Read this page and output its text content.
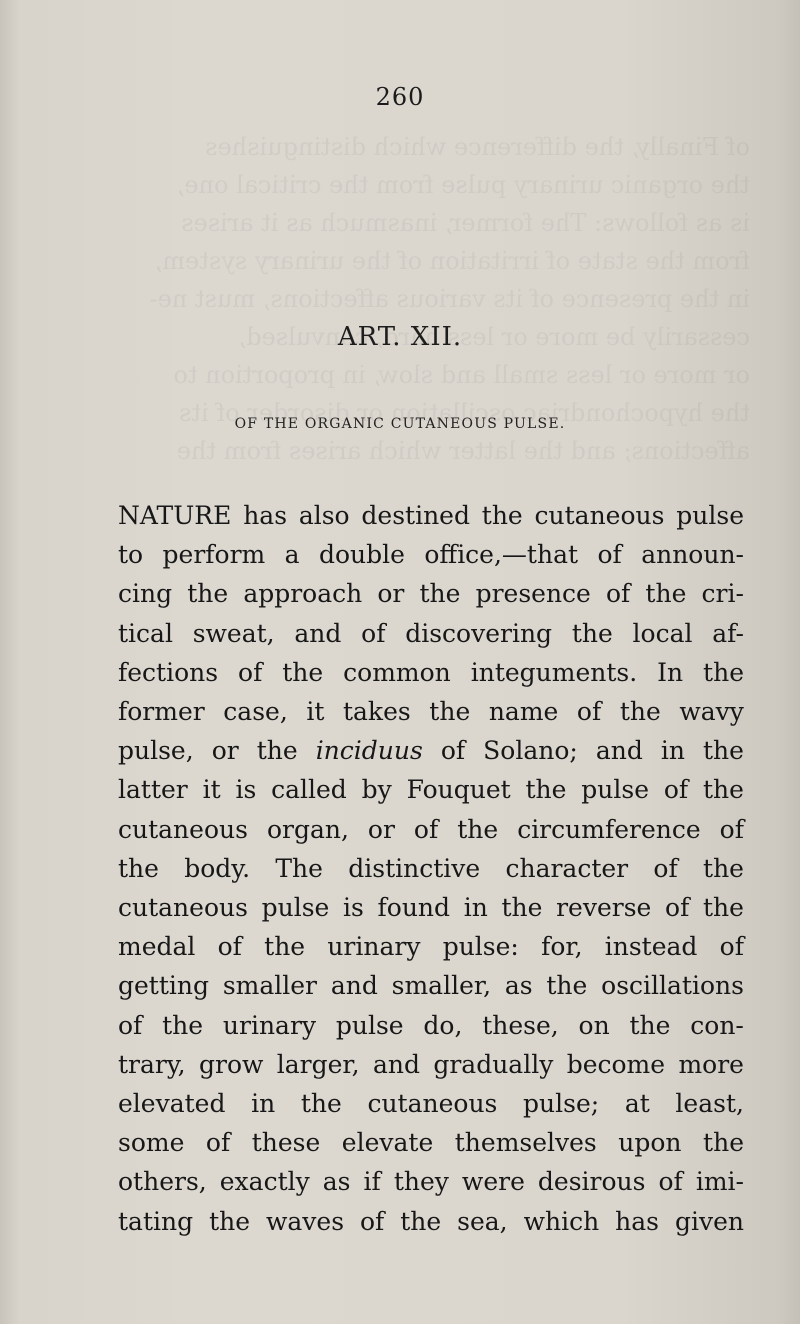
260
ART. XII.
OF THE ORGANIC CUTANEOUS PULSE.
NATURE has also destined the cutaneous pulse
to perform a double office,—that of announ-
cing the approach or the presence of the cri-
tical sweat, and of discovering the local af-
fections of the common integuments. In the
former case, it takes the name of the wavy
pulse, or the inciduus of Solano; and in the
latter it is called by Fouquet the pulse of the
cutaneous organ, or of the circumference of
the body. The distinctive character of the
cutaneous pulse is found in the reverse of the
medal of the urinary pulse: for, instead of
getting smaller and smaller, as the oscillations
of the urinary pulse do, these, on the con-
trary, grow larger, and gradually become more
elevated in the cutaneous pulse; at least,
some of these elevate themselves upon the
others, exactly as if they were desirous of imi-
tating the waves of the sea, which has given
